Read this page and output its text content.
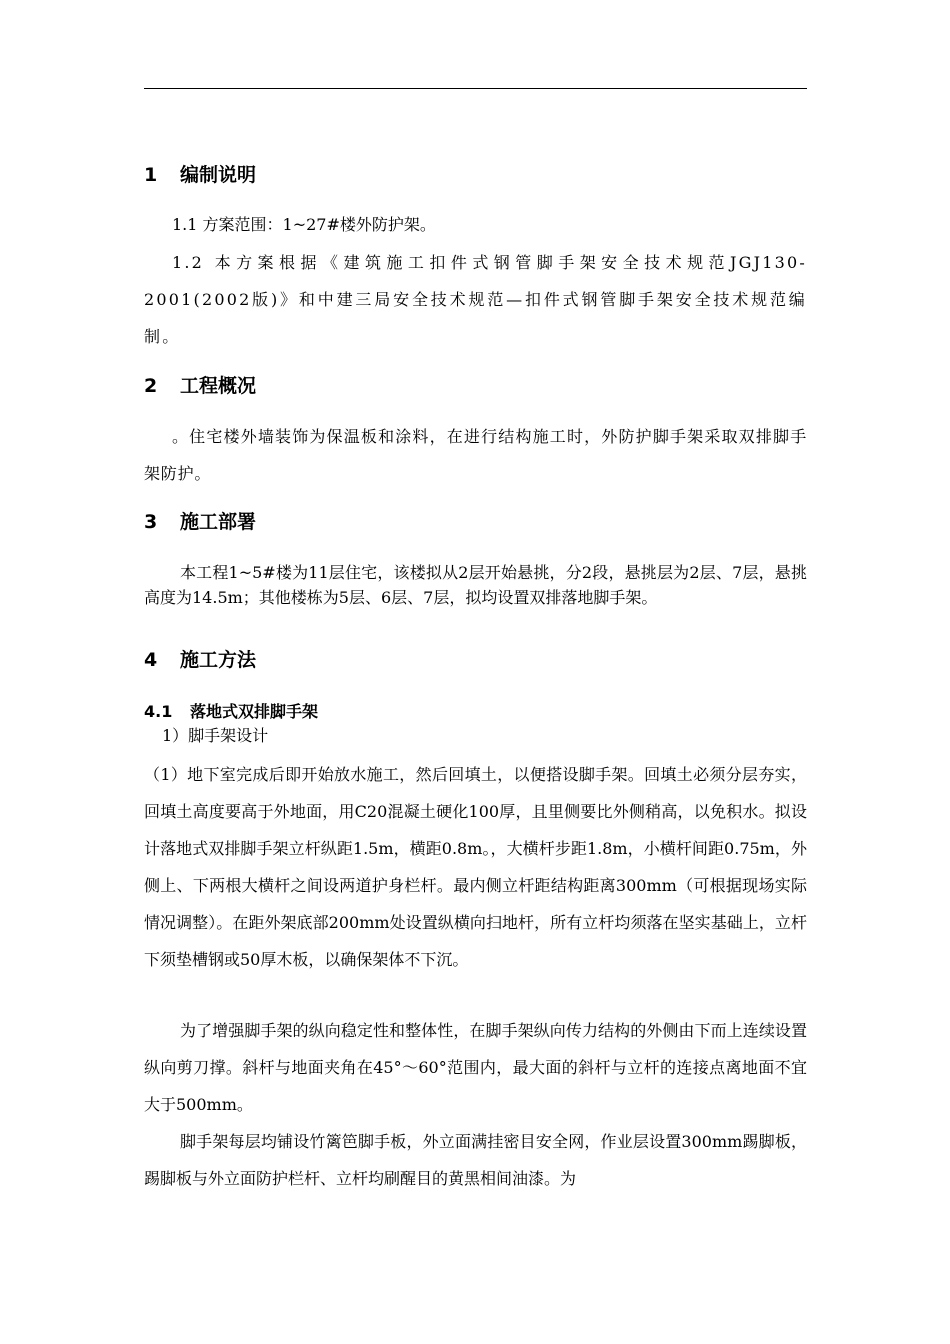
1 编制说明

1.1 方案范围：1~27#楼外防护架。

1.2 本方案根据《建筑施工扣件式钢管脚手架安全技术规范JGJ130-2001(2002版)》和中建三局安全技术规范—扣件式钢管脚手架安全技术规范编制。

2 工程概况

。住宅楼外墙装饰为保温板和涂料，在进行结构施工时，外防护脚手架采取双排脚手架防护。

3 施工部署

本工程1~5#楼为11层住宅，该楼拟从2层开始悬挑，分2段，悬挑层为2层、7层，悬挑高度为14.5m；其他楼栋为5层、6层、7层，拟均设置双排落地脚手架。

4 施工方法
4.1 落地式双排脚手架

1）脚手架设计

（1）地下室完成后即开始放水施工，然后回填土，以便搭设脚手架。回填土必须分层夯实，回填土高度要高于外地面，用C20混凝土硬化100厚，且里侧要比外侧稍高，以免积水。拟设计落地式双排脚手架立杆纵距1.5m，横距0.8m。，大横杆步距1.8m，小横杆间距0.75m，外侧上、下两根大横杆之间设两道护身栏杆。最内侧立杆距结构距离300mm（可根据现场实际情况调整）。在距外架底部200mm处设置纵横向扫地杆，所有立杆均须落在坚实基础上，立杆下须垫槽钢或50厚木板，以确保架体不下沉。

为了增强脚手架的纵向稳定性和整体性，在脚手架纵向传力结构的外侧由下而上连续设置纵向剪刀撑。斜杆与地面夹角在45°～60°范围内，最大面的斜杆与立杆的连接点离地面不宜大于500mm。

脚手架每层均铺设竹篱笆脚手板，外立面满挂密目安全网，作业层设置300mm踢脚板，踢脚板与外立面防护栏杆、立杆均刷醒目的黄黑相间油漆。为
